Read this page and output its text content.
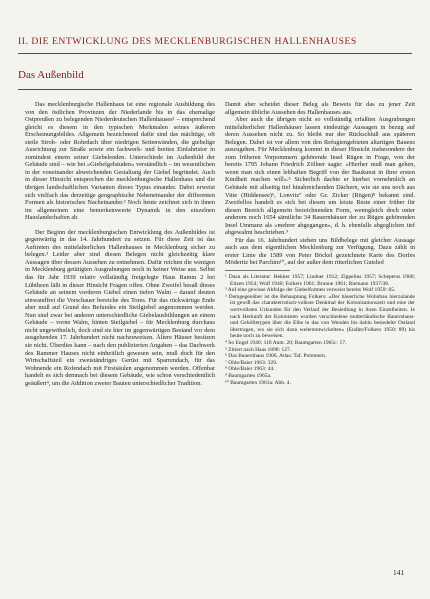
II. DIE ENTWICKLUNG DES MECKLENBURGISCHEN HALLENHAUSES
Das Außenbild

Das mecklenburgische Hallenhaus ist eine regionale Ausbildung des von den östlichen Provinzen der Niederlande bis in das ehemalige Ostpreußen zu belegenden Niederdeutschen Hallenhauses¹ – entsprechend gleicht es diesem in den typischen Merkmalen seines äußeren Erscheinungsbildes. Allgemein bezeichnend dafür sind das mächtige, oft steile Stroh- oder Rohrdach über niedrigen Seitenwänden, die giebelige Ausrichtung zur Straße sowie ein fachwerk- und breites Einfahrtstor in zumindest einem seiner Giebelenden. Unterschiede im Außenbild der Gebäude sind – wie bei »Giebelgebäuden« verständlich – im wesentlichen in der voneinander abweichenden Gestaltung der Giebel begründet. Auch in dieser Hinsicht entsprechen die mecklenburgische Hallenhaus und die übrigen landschaftlichen Varianten dieses Typus einander. Dabei erweist sich vielfach das derzeitige geographische Nebeneinander der differenten Formen als historisches Nacheinander.² Noch heute zeichnet sich in ihnen im allgemeinen eine bemerkenswerte Dynamik in den einzelnen Hauslandschaften ab.

Der Beginn der mecklenburgischen Entwicklung des Außenbildes ist gegenwärtig in das 14. Jahrhundert zu setzen. Für diese Zeit ist das Auftreten des mittelalterlichen Hallenhauses in Mecklenburg sicher zu belegen.³ Leider aber sind diesen Belegen nicht gleichzeitig klare Aussagen über dessen Aussehen zu entnehmen. Dafür reichen die wenigen in Mecklenburg getätigten Ausgrabungen noch in keiner Weise aus. Selbst das für Jahr 1939 relativ vollständig freigelegte Haus Ramm 2 bei Lübtheen läßt in dieser Hinsicht Fragen offen. Ohne Zweifel besaß dieses Gebäude an seinem vorderen Giebel einen tiefen Walm – darauf deuten einwandfrei die Vorschauer bereiche des Tores. Für das rückwärtige Ende aber muß auf Grund des Befundes ein Steilgiebel angenommen werden. Nun sind zwar bei anderen unterschiedliche Giebelausbildungen an einem Gebäude – vorne Walm, hinten Steilgiebel – für Mecklenburg durchaus nicht ungewöhnlich, doch sind sie hier im gegenwärtigen Bestand vor dem ausgehenden 17. Jahrhundert nicht nachzuweisen. Ältere Häuser besitzen sie nicht. Überdies kann – nach den publizierten Angaben – das Dachwerk des Rammer Hauses nicht einheitlich gewesen sein, muß doch für den Wirtschaftsteil ein zweiständriges Gerüst mit Sparrendach, für das Wohnende ein Rofendach mit Firstsäulen angenommen werden. Offenbar handelt es sich demnach bei diesem Gebäude, wie schon verschiedentlich geäußert⁴, um die Addition zweier Bauten unterschiedlicher Tradition.

Damit aber scheidet dieser Beleg als Beweis für das zu jener Zeit allgemein übliche Aussehen des Hallenhauses aus.

Aber auch die übrigen nicht so vollständig erfaßten Ausgrabungen mittelalterlicher Hallenhäuser lassen eindeutige Aussagen in bezug auf deren Aussehen nicht zu. So bleibt nur der Rückschluß aus späteren Belegen. Dabei ist vor allem von den Refugiengebieten altartigen Bauens auszugehen. Für Mecklenburg kommt in dieser Hinsicht insbesondere der zum früheren Vorpommern gehörende Insel Rügen in Frage, von der bereits 1795 Johann Friedrich Zöllner sagte: »Hierher muß man gehen, wenn man sich einen lebhaften Begriff von der Baukunst in ihrer ersten Kindheit machen will«.⁵ Sicherlich dachte er hierbei vornehmlich an Gebäude mit allseitig tief hinabreichenden Dächern, wie sie uns noch aus Vitte (Hiddensee)⁶, Lonvitz⁷ oder Gr. Zicker (Rügen)⁸ bekannt sind. Zweifellos handelt es sich bei diesen um letzte Reste einer früher für diesen Bereich allgemein bezeichnenden Form, wenngleich doch unter anderem noch 1654 sämtliche 34 Bauernhäuser der zu Rügen gehörenden Insel Ummanz als »mehrer abgegangen«, d. h. ebenfalls abgeglichen tief abgewalmt beschrieben.⁹

Für das 16. Jahrhundert stehen uns Bildbelege mit gleicher Aussage auch aus dem eigentlichen Mecklenburg zur Verfügung. Dazu zählt in erster Linie die 1589 von Peter Böckel gezeichnete Karte des Dorfes Möderitz bei Parchim¹⁰, auf der außer dem ritterlichen Gutshof

¹ Dazu als Literatur: Hekker 1957; Lindner 1912; Zippelius 1957; Scheperss 1960; Eitzen 1954; Wolf 1940; Folkers 1961; Brunne 1961; Riemann 1937/38.
² Auf eine gewisse Abfolge der Giebelformen verweist bereits Wolf 1959: 65.
³ Demgegenüber ist die Behauptung Folkers: »Der bäuerliche Wohnbau hierzulande ist gewiß das charakteristisch-volkste Denkmal der Kolonisationszeit und eine der wertvollsten Urkunden für den Verlauf der Besiedlung in ihren Einzelheiten. Je nach Herkunft der Kolonisten wurden verschiedene mutterländische Bauernhaus- und Gehöftetypen über die Elbe in das von Wenden bis dahin besiedelte Ostland übertragen, wo sie sich dann weiterentwickelten« (Endler/Folkers 1950: 89) bis heute noch zu beweisen.
⁴ So Engel 1940: 118 Anm. 20; Baumgarten 1965c: 17.
⁵ Zitiert nach Haas 1898: 127.
⁶ Das Bauernhaus 1906, Atlas: Taf. Pommern.
⁷ Ohle/Baier 1963: 329.
⁸ Ohle/Baier 1963: 44.
⁹ Baumgarten 1965a.
¹⁰ Baumgarten 1961a: Abb. 4.
141
